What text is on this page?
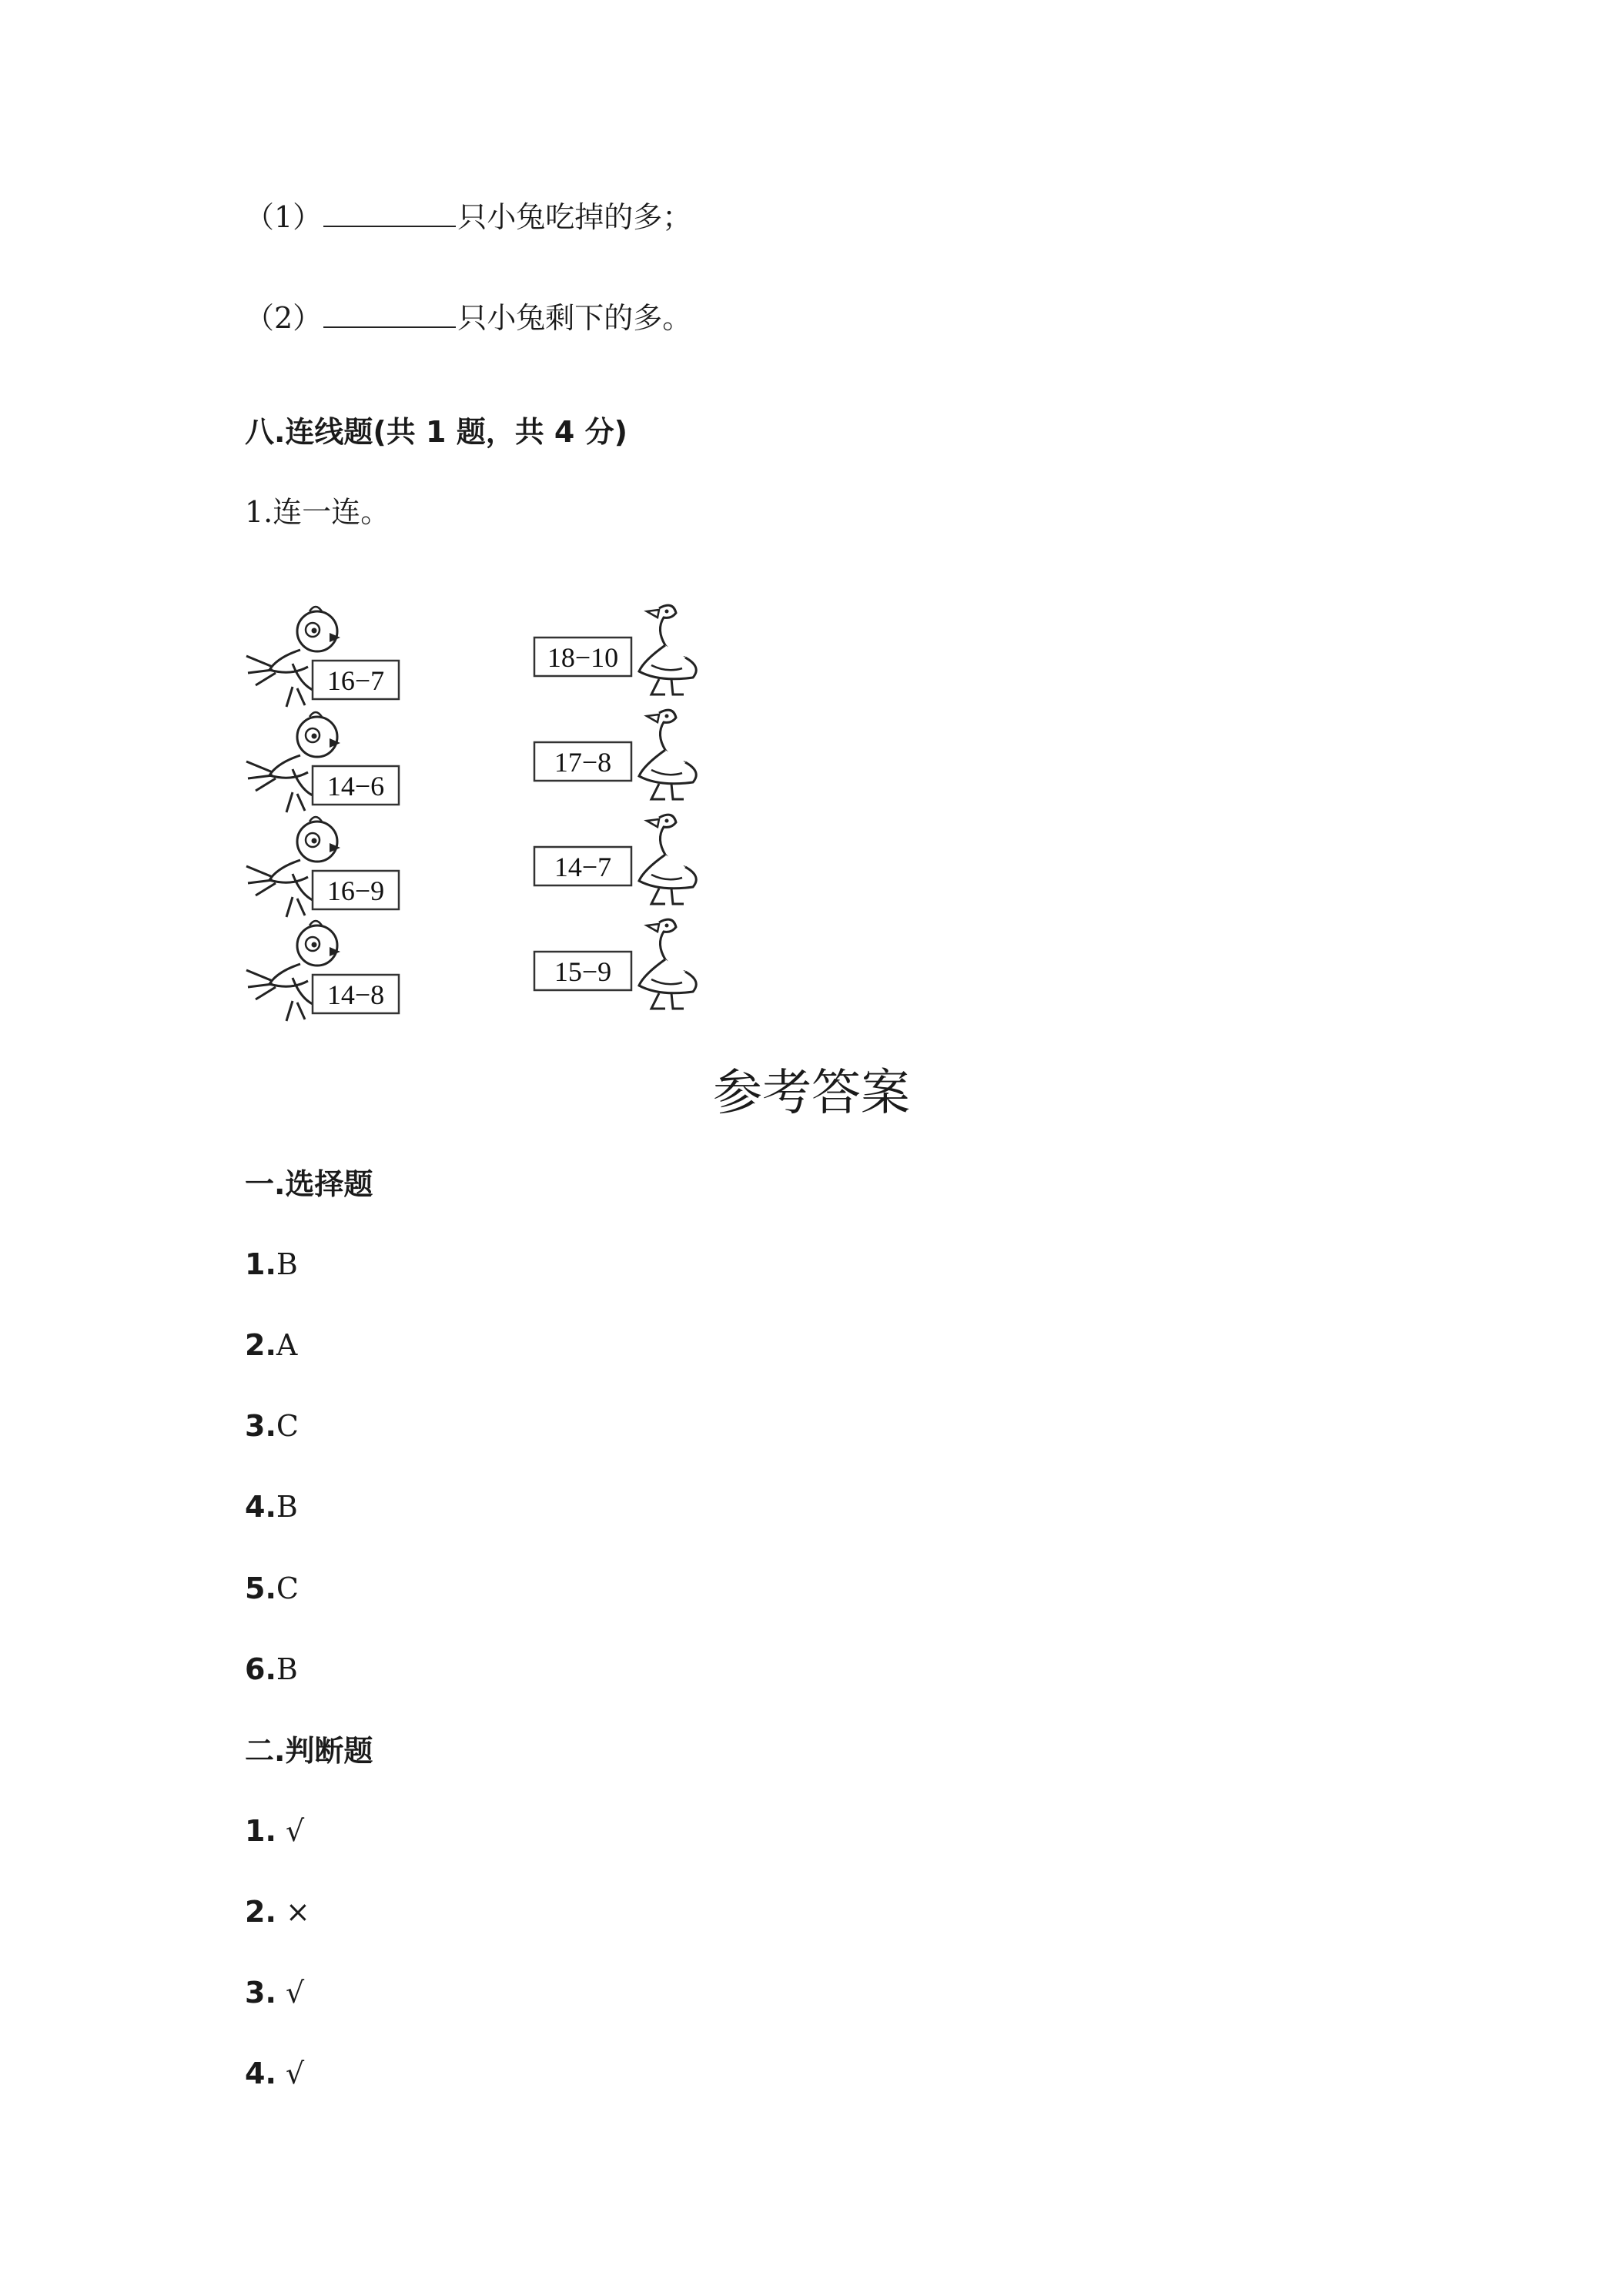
（1）	只小兔吃掉的多；
（2）	只小兔剩下的多。
八.连线题(共 1 题，共 4 分)
1.连一连。
16−7
14−6
16−9
14−8
18−10
17−8
14−7
15−9
参考答案
一.选择题
1.B
2.A
3.C
4.B
5.C
6.B
二.判断题
1. √
2. ×
3. √
4. √
